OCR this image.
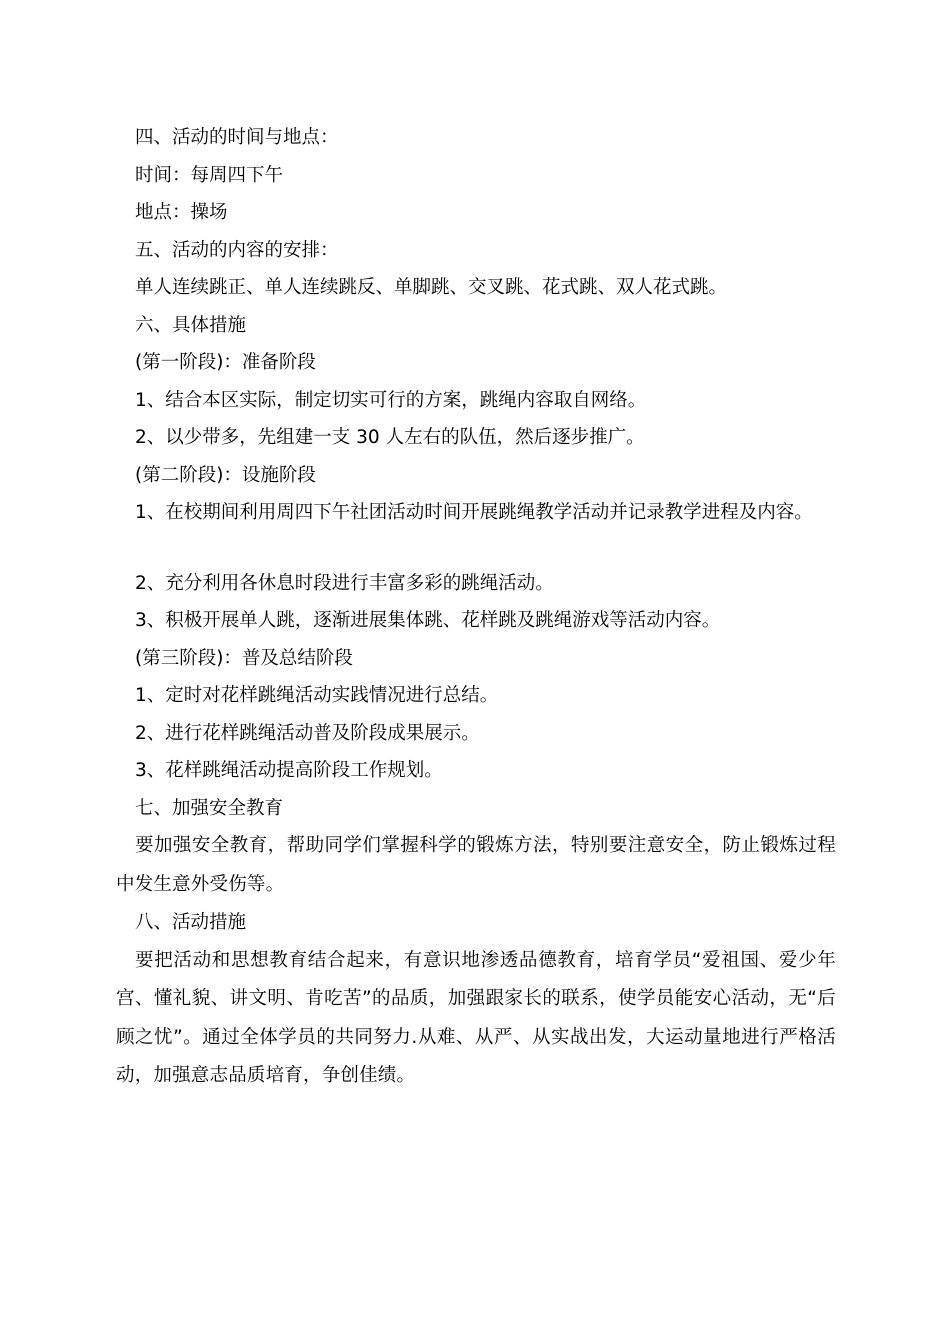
四、活动的时间与地点：
时间：每周四下午
地点：操场
五、活动的内容的安排：
单人连续跳正、单人连续跳反、单脚跳、交叉跳、花式跳、双人花式跳。
六、具体措施
(第一阶段)：准备阶段
1、结合本区实际，制定切实可行的方案，跳绳内容取自网络。
2、以少带多，先组建一支 30 人左右的队伍，然后逐步推广。
(第二阶段)：设施阶段
1、在校期间利用周四下午社团活动时间开展跳绳教学活动并记录教学进程及内容。
2、充分利用各休息时段进行丰富多彩的跳绳活动。
3、积极开展单人跳，逐渐进展集体跳、花样跳及跳绳游戏等活动内容。
(第三阶段)：普及总结阶段
1、定时对花样跳绳活动实践情况进行总结。
2、进行花样跳绳活动普及阶段成果展示。
3、花样跳绳活动提高阶段工作规划。
七、加强安全教育

要加强安全教育，帮助同学们掌握科学的锻炼方法，特别要注意安全，防止锻炼过程中发生意外受伤等。

八、活动措施

要把活动和思想教育结合起来，有意识地渗透品德教育，培育学员“爱祖国、爱少年宫、懂礼貌、讲文明、肯吃苦”的品质，加强跟家长的联系，使学员能安心活动，无“后顾之忧”。通过全体学员的共同努力.从难、从严、从实战出发，大运动量地进行严格活动，加强意志品质培育，争创佳绩。
